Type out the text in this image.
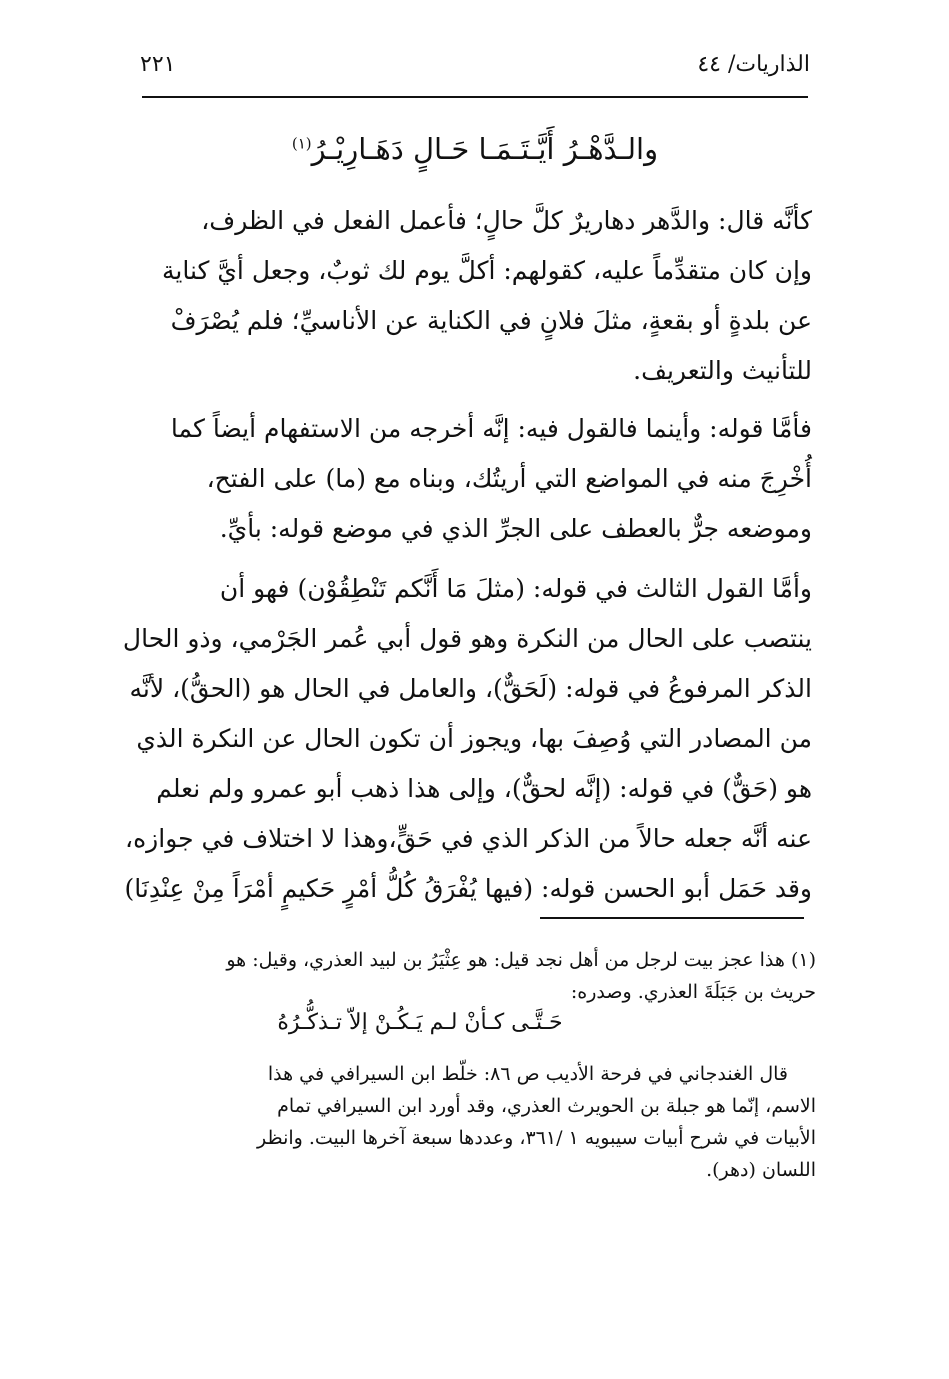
الذاريات/ ٤٤
٢٢١
والـدَّهْـرُ أَيَّـتَـمَـا حَـالٍ دَهَـارِيْـرُ$^{(١)}$

كأنَّه قال: والدَّهر دهاريرٌ كلَّ حالٍ؛ فأعمل الفعل في الظرف،
وإن كان متقدِّماً عليه، كقولهم: أكلَّ يوم لك ثوبٌ، وجعل أيَّ كناية
عن بلدةٍ أو بقعةٍ، مثلَ فلانٍ في الكناية عن الأناسيِّ؛ فلم يُصْرَفْ
للتأنيث والتعريف.

فأمَّا قوله: وأينما فالقول فيه: إنَّه أخرجه من الاستفهام أيضاً كما
أُخْرِجَ منه في المواضع التي أريتُك، وبناه مع (ما) على الفتح،
وموضعه جرٌّ بالعطف على الجرِّ الذي في موضع قوله: بأيِّ.

وأمَّا القول الثالث في قوله: (مثلَ مَا أَنَّكم تَنْطِقُوْن) فهو أن
ينتصب على الحال من النكرة وهو قول أبي عُمر الجَرْمي، وذو الحال
الذكر المرفوعُ في قوله: (لَحَقٌّ)، والعامل في الحال هو (الحقُّ)، لأنَّه
من المصادر التي وُصِفَ بها، ويجوز أن تكون الحال عن النكرة الذي
هو (حَقٌّ) في قوله: (إنَّه لحقٌّ)، وإلى هذا ذهب أبو عمرو ولم نعلم
عنه أنَّه جعله حالاً من الذكر الذي في حَقٍّ،وهذا لا اختلاف في جوازه،
وقد حَمَل أبو الحسن قوله: (فيها يُفْرَقُ كُلُّ أمْرٍ حَكيمٍ أمْرَاً مِنْ عِنْدِنَا)

(١) هذا عجز بيت لرجل من أهل نجد قيل: هو عِثْيَرُ بن لبيد العذري، وقيل: هو
حريث بن جَبَلَةَ العذري. وصدره:
حَـتَّـى كـأنْ لـم يَـكُـنْ إلاّ تـذكُّـرُهُ
قال الغندجاني في فرحة الأديب ص ٨٦: خلّط ابن السيرافي في هذا
الاسم، إنّما هو جبلة بن الحويرث العذري، وقد أورد ابن السيرافي تمام
الأبيات في شرح أبيات سيبويه ١ /٣٦١، وعددها سبعة آخرها البيت. وانظر
اللسان (دهر).
